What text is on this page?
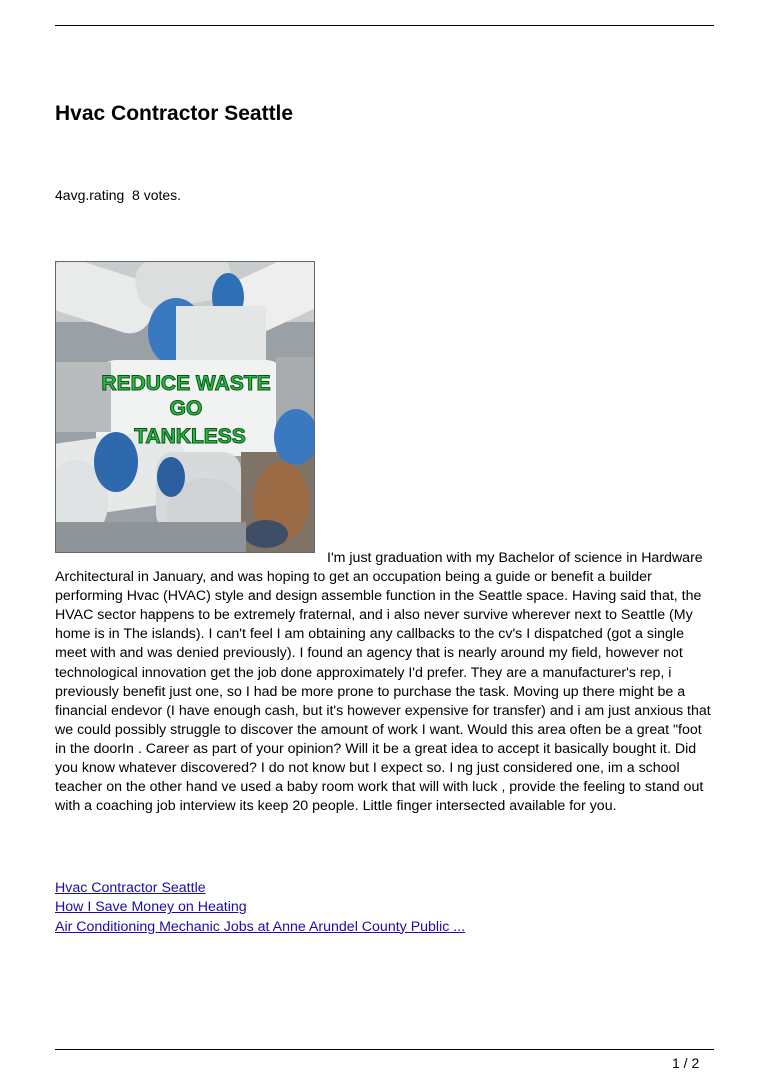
Hvac Contractor Seattle
4avg.rating  8 votes.
REDUCE WASTE
GO
TANKLESS

I'm just graduation with my Bachelor of science in Hardware Architectural in January, and was hoping to get an occupation being a guide or benefit a builder performing Hvac (HVAC) style and design assemble function in the Seattle space. Having said that, the HVAC sector happens to be extremely fraternal, and i also never survive wherever next to Seattle (My home is in The islands). I can't feel I am obtaining any callbacks to the cv's I dispatched (got a single meet with and was denied previously). I found an agency that is nearly around my field, however not technological innovation get the job done approximately I'd prefer. They are a manufacturer's rep, i previously benefit just one, so I had be more prone to purchase the task. Moving up there might be a financial endevor (I have enough cash, but it's however expensive for transfer) and i am just anxious that we could possibly struggle to discover the amount of work I want. Would this area often be a great "foot in the doorIn . Career as part of your opinion? Will it be a great idea to accept it basically bought it. Did you know whatever discovered? I do not know but I expect so. I ng just considered one, im a school teacher on the other hand ve used a baby room work that will with luck , provide the feeling to stand out with a coaching job interview its keep 20 people. Little finger intersected available for you.

Hvac Contractor Seattle
How I Save Money on Heating
Air Conditioning Mechanic Jobs at Anne Arundel County Public ...
1 / 2
